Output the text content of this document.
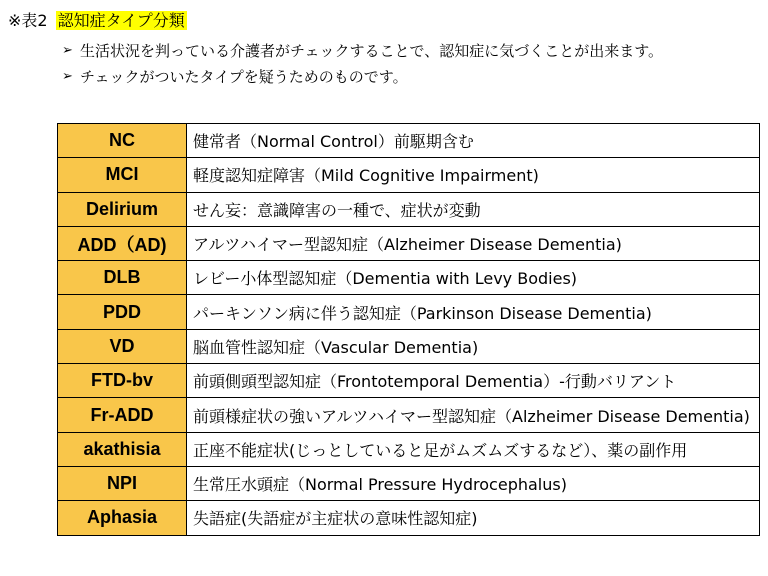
※表2 認知症タイプ分類
➢ 生活状況を判っている介護者がチェックすることで、認知症に気づくことが出来ます。
➢ チェックがついたタイプを疑うためのものです。
NC	健常者（Normal Control）前駆期含む
MCI	軽度認知症障害（Mild Cognitive Impairment)
Delirium	せん妄：意識障害の一種で、症状が変動
ADD（AD)	アルツハイマー型認知症（Alzheimer Disease Dementia)
DLB	レビー小体型認知症（Dementia with Levy Bodies)
PDD	パーキンソン病に伴う認知症（Parkinson Disease Dementia)
VD	脳血管性認知症（Vascular Dementia)
FTD-bv	前頭側頭型認知症（Frontotemporal Dementia）-行動バリアント
Fr-ADD	前頭様症状の強いアルツハイマー型認知症（Alzheimer Disease Dementia)
akathisia	正座不能症状(じっとしていると足がムズムズするなど）、薬の副作用
NPI	生常圧水頭症（Normal Pressure Hydrocephalus)
Aphasia	失語症(失語症が主症状の意味性認知症)
